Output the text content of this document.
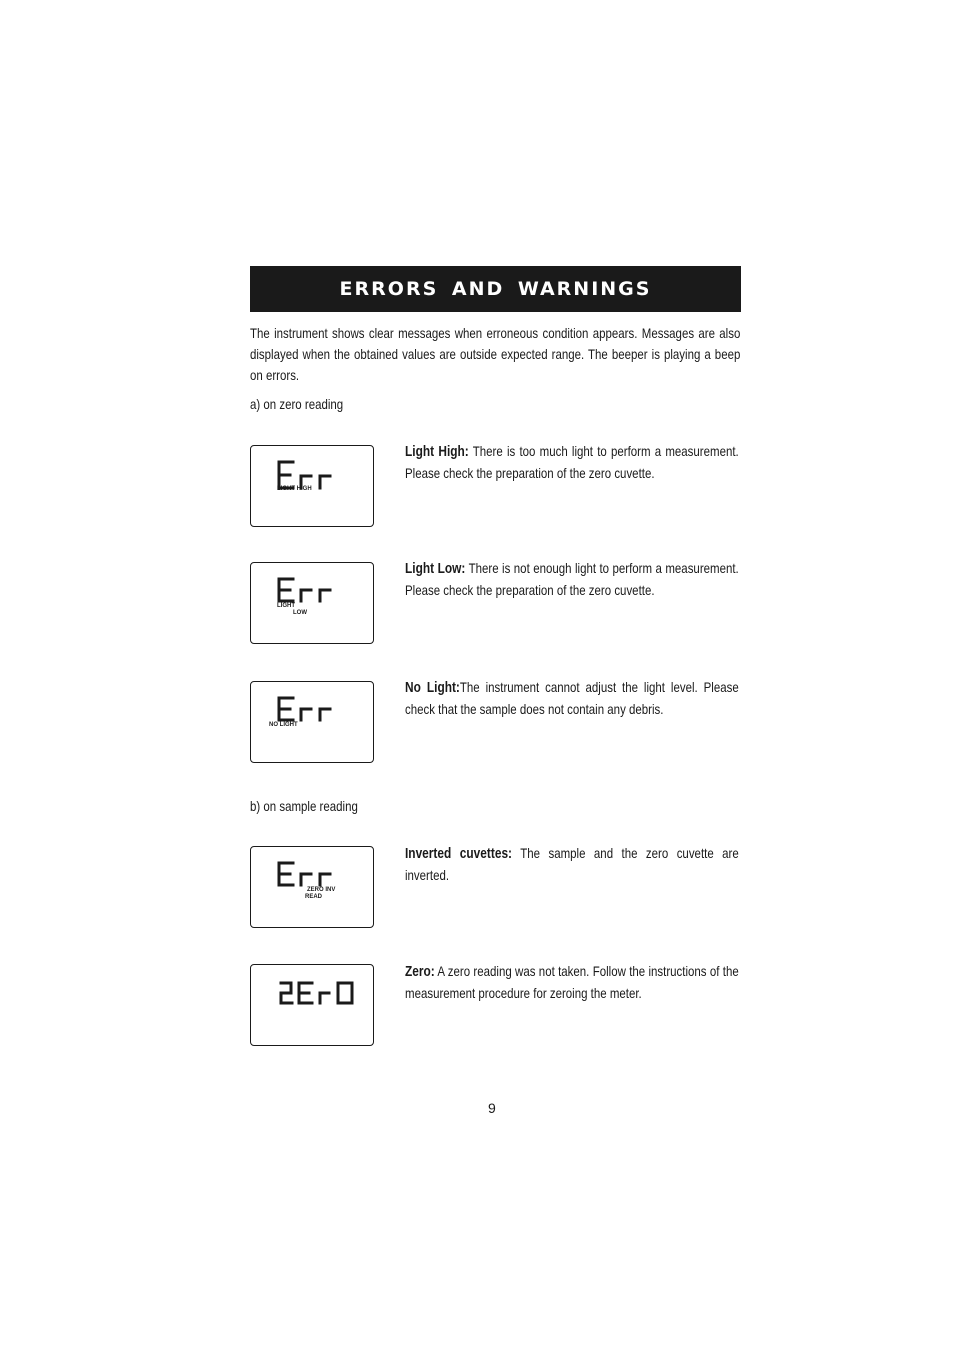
ERRORS AND WARNINGS
The instrument shows clear messages when erroneous condition appears. Messages are also displayed when the obtained values are outside expected range. The beeper is playing a beep on errors.
a) on zero reading
LIGHT HIGH
Light High: There is too much light to perform a measurement. Please check the preparation of the zero cuvette.
LIGHT
LOW
Light Low: There is not enough light to perform a measurement. Please check the preparation of the zero cuvette.
NO LIGHT
No Light:The instrument cannot adjust the light level. Please check that the sample does not contain any debris.
b) on sample reading
ZERO INV
READ
Inverted cuvettes: The sample and the zero cuvette are inverted.
Zero: A zero reading was not taken. Follow the instructions of the measurement procedure for zeroing the meter.
9
